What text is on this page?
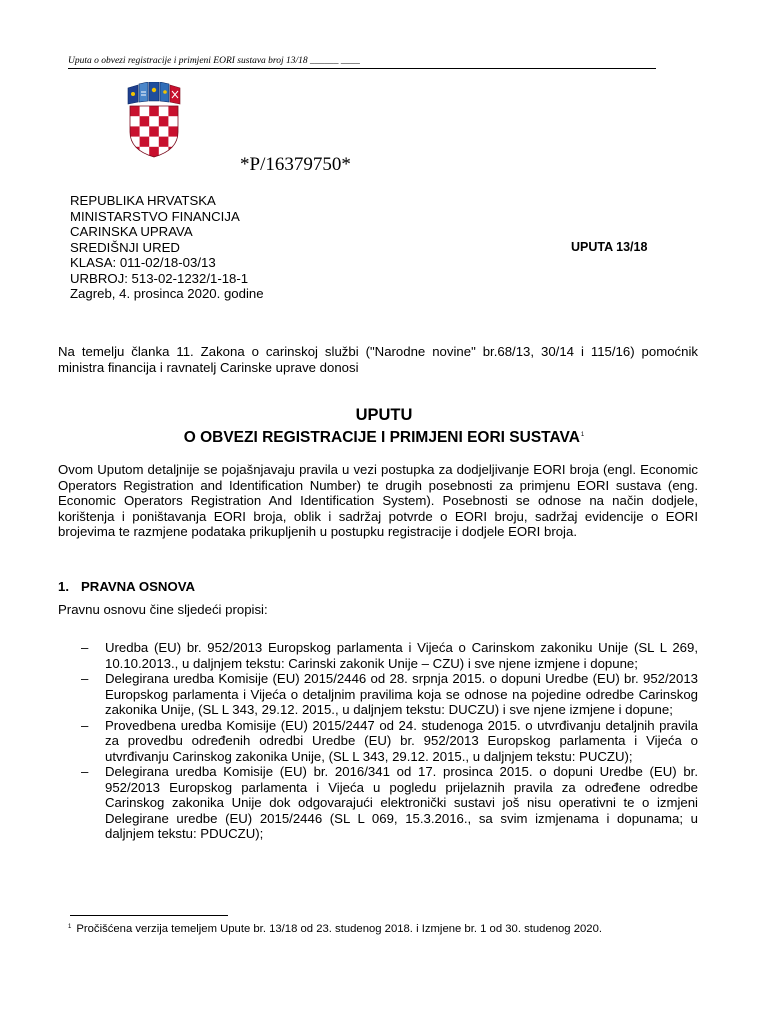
Uputa o obvezi registracije i primjeni EORI sustava broj 13/18 ______ ____
*P/16379750*
REPUBLIKA HRVATSKA
MINISTARSTVO FINANCIJA
CARINSKA UPRAVA
SREDIŠNJI URED
KLASA: 011-02/18-03/13
URBROJ: 513-02-1232/1-18-1
Zagreb, 4. prosinca 2020. godine
UPUTA 13/18
Na temelju članka 11. Zakona o carinskoj službi ("Narodne novine" br.68/13, 30/14 i 115/16) pomoćnik ministra financija i ravnatelj Carinske uprave donosi
UPUTU
O OBVEZI REGISTRACIJE I PRIMJENI EORI SUSTAVA$^1$
Ovom Uputom detaljnije se pojašnjavaju pravila u vezi postupka za dodjeljivanje EORI broja (engl. Economic Operators Registration and Identification Number) te drugih posebnosti za primjenu EORI sustava (eng. Economic Operators Registration And Identification System). Posebnosti se odnose na način dodjele, korištenja i poništavanja EORI broja, oblik i sadržaj potvrde o EORI broju, sadržaj evidencije o EORI brojevima te razmjene podataka prikupljenih u postupku registracije i dodjele EORI broja.
1. PRAVNA OSNOVA
Pravnu osnovu čine sljedeći propisi:
– Uredba (EU) br. 952/2013 Europskog parlamenta i Vijeća o Carinskom zakoniku Unije (SL L 269, 10.10.2013., u daljnjem tekstu: Carinski zakonik Unije – CZU) i sve njene izmjene i dopune;
– Delegirana uredba Komisije (EU) 2015/2446 od 28. srpnja 2015. o dopuni Uredbe (EU) br. 952/2013 Europskog parlamenta i Vijeća o detaljnim pravilima koja se odnose na pojedine odredbe Carinskog zakonika Unije, (SL L 343, 29.12. 2015., u daljnjem tekstu: DUCZU) i sve njene izmjene i dopune;
– Provedbena uredba Komisije (EU) 2015/2447 od 24. studenoga 2015. o utvrđivanju detaljnih pravila za provedbu određenih odredbi Uredbe (EU) br. 952/2013 Europskog parlamenta i Vijeća o utvrđivanju Carinskog zakonika Unije, (SL L 343, 29.12. 2015., u daljnjem tekstu: PUCZU);
– Delegirana uredba Komisije (EU) br. 2016/341 od 17. prosinca 2015. o dopuni Uredbe (EU) br. 952/2013 Europskog parlamenta i Vijeća u pogledu prijelaznih pravila za određene odredbe Carinskog zakonika Unije dok odgovarajući elektronički sustavi još nisu operativni te o izmjeni Delegirane uredbe (EU) 2015/2446 (SL L 069, 15.3.2016., sa svim izmjenama i dopunama; u daljnjem tekstu: PDUCZU);
$^1$ Pročišćena verzija temeljem Upute br. 13/18 od 23. studenog 2018. i Izmjene br. 1 od 30. studenog 2020.
